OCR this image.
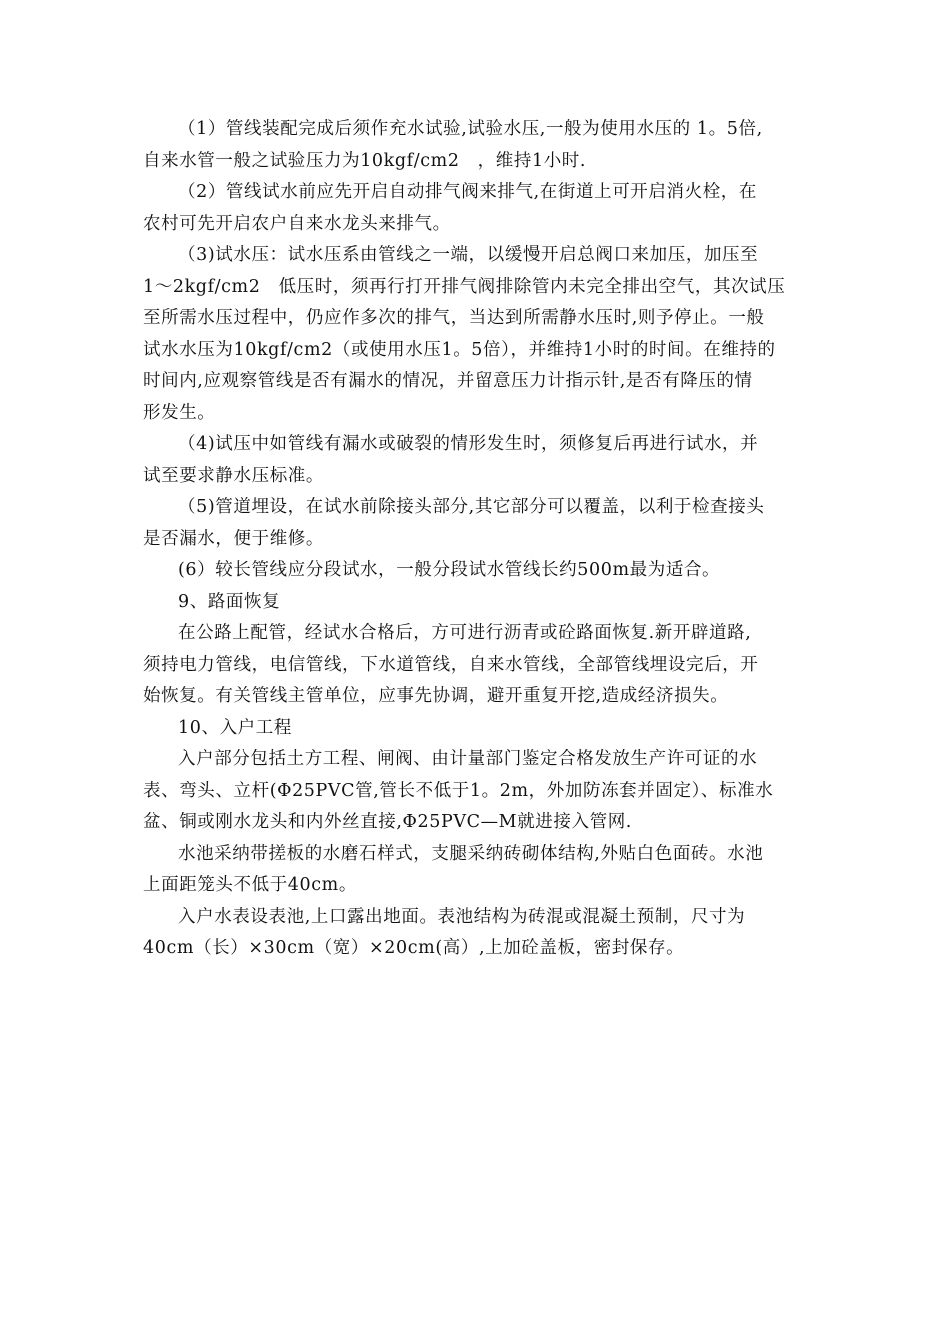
（1）管线装配完成后须作充水试验,试验水压,一般为使用水压的 1。5倍,
自来水管一般之试验压力为10kgf/cm2　，维持1小时.
（2）管线试水前应先开启自动排气阀来排气,在街道上可开启消火栓，在
农村可先开启农户自来水龙头来排气。
（3)试水压：试水压系由管线之一端，以缓慢开启总阀口来加压，加压至
1～2kgf/cm2　低压时，须再行打开排气阀排除管内未完全排出空气，其次试压
至所需水压过程中，仍应作多次的排气，当达到所需静水压时,则予停止。一般
试水水压为10kgf/cm2（或使用水压1。5倍），并维持1小时的时间。在维持的
时间内,应观察管线是否有漏水的情况，并留意压力计指示针,是否有降压的情
形发生。
（4)试压中如管线有漏水或破裂的情形发生时，须修复后再进行试水，并
试至要求静水压标准。
（5)管道埋设，在试水前除接头部分,其它部分可以覆盖，以利于检查接头
是否漏水，便于维修。
(6）较长管线应分段试水，一般分段试水管线长约500m最为适合。
9、路面恢复
在公路上配管，经试水合格后，方可进行沥青或砼路面恢复.新开辟道路,
须持电力管线，电信管线，下水道管线，自来水管线，全部管线埋设完后，开
始恢复。有关管线主管单位，应事先协调，避开重复开挖,造成经济损失。
10、入户工程
入户部分包括土方工程、闸阀、由计量部门鉴定合格发放生产许可证的水
表、弯头、立杆(Φ25PVC管,管长不低于1。2m，外加防冻套并固定）、标准水
盆、铜或刚水龙头和内外丝直接,Φ25PVC—M就进接入管网.
水池采纳带搓板的水磨石样式，支腿采纳砖砌体结构,外贴白色面砖。水池
上面距笼头不低于40cm。
入户水表设表池,上口露出地面。表池结构为砖混或混凝土预制，尺寸为
40cm（长）×30cm（宽）×20cm(高）,上加砼盖板，密封保存。
